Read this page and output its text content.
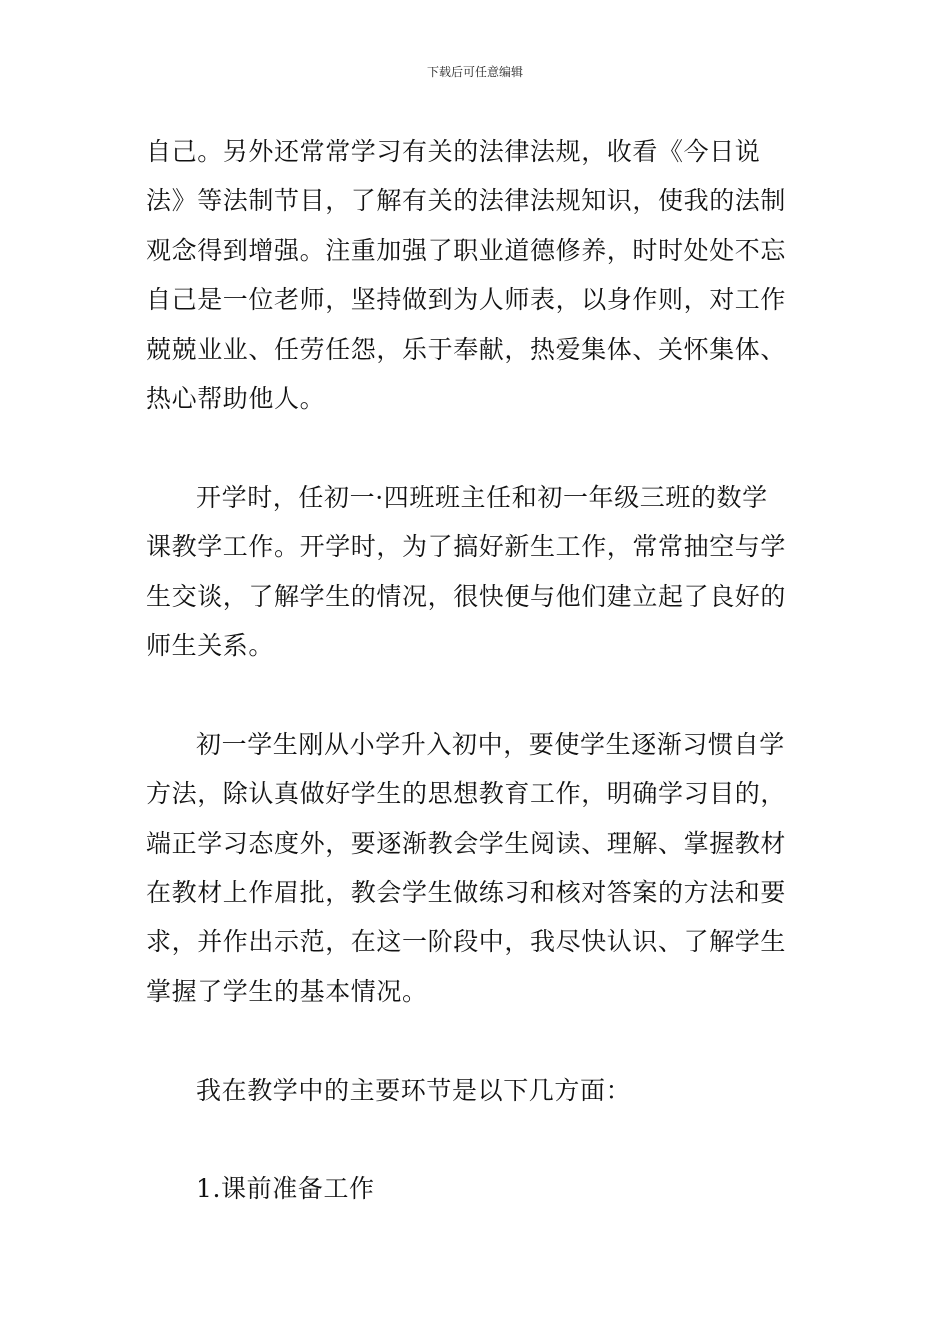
下载后可任意编辑

自己。另外还常常学习有关的法律法规，收看《今日说
法》等法制节目，了解有关的法律法规知识，使我的法制
观念得到增强。注重加强了职业道德修养，时时处处不忘
自己是一位老师，坚持做到为人师表，以身作则，对工作
兢兢业业、任劳任怨，乐于奉献，热爱集体、关怀集体、
热心帮助他人。

开学时，任初一·四班班主任和初一年级三班的数学
课教学工作。开学时，为了搞好新生工作，常常抽空与学
生交谈，了解学生的情况，很快便与他们建立起了良好的
师生关系。

初一学生刚从小学升入初中，要使学生逐渐习惯自学
方法，除认真做好学生的思想教育工作，明确学习目的，
端正学习态度外，要逐渐教会学生阅读、理解、掌握教材
在教材上作眉批，教会学生做练习和核对答案的方法和要
求，并作出示范，在这一阶段中，我尽快认识、了解学生
掌握了学生的基本情况。

我在教学中的主要环节是以下几方面：

1.课前准备工作
